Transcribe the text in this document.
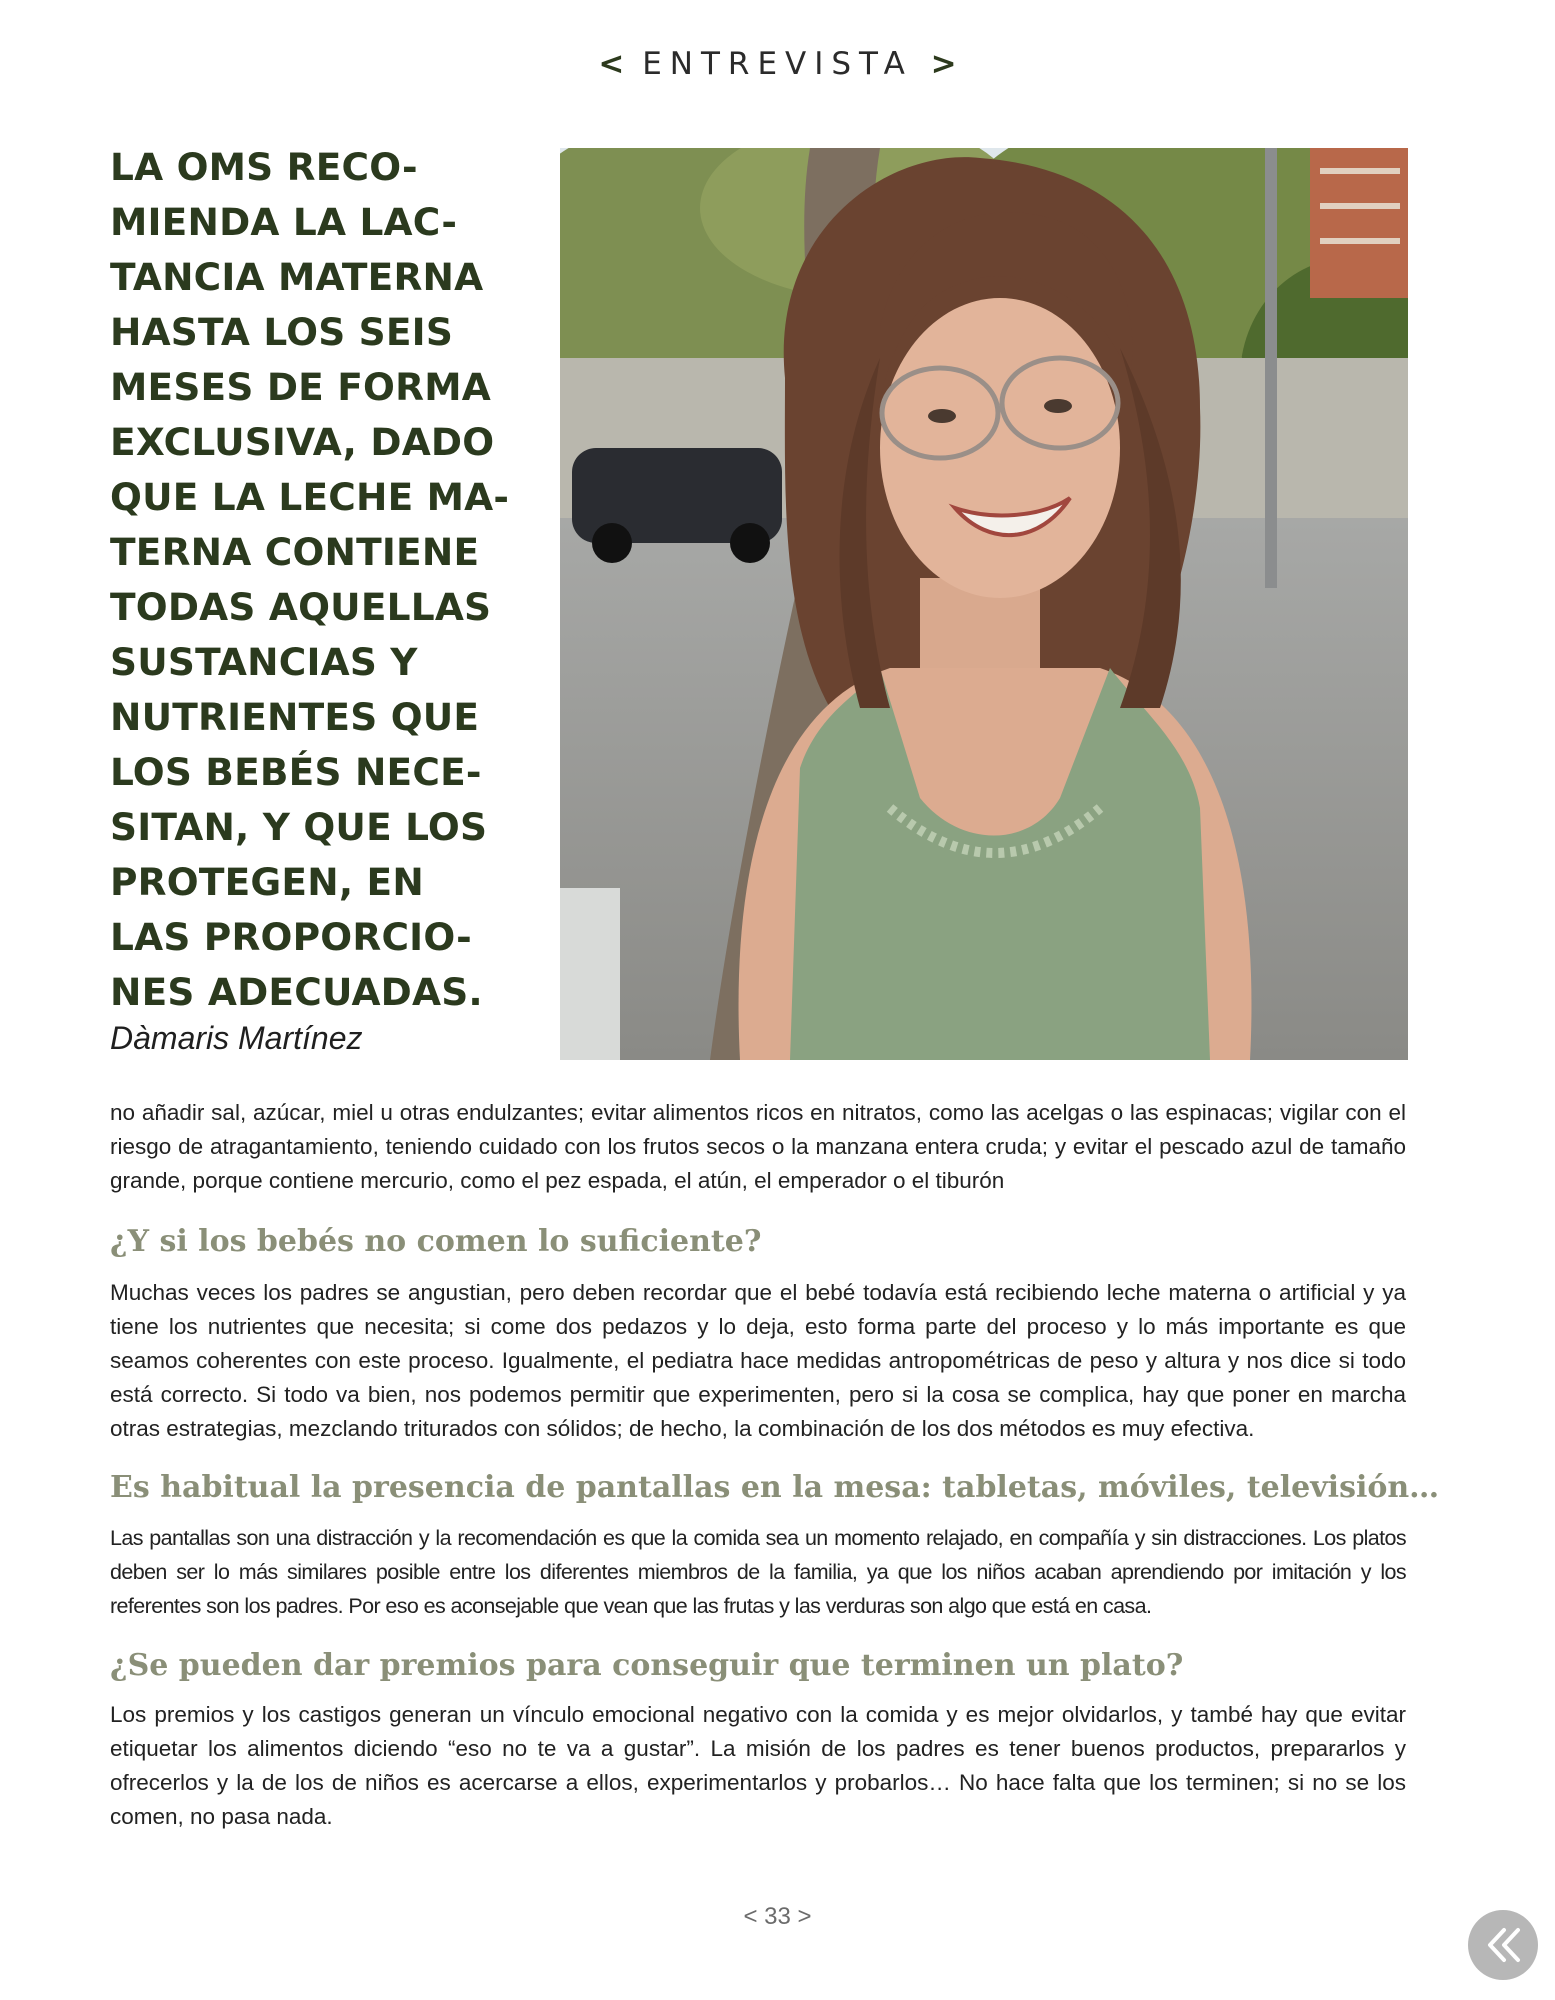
< ENTREVISTA >
LA OMS RECO-
MIENDA LA LAC-
TANCIA MATERNA
HASTA LOS SEIS
MESES DE FORMA
EXCLUSIVA, DADO
QUE LA LECHE MA-
TERNA CONTIENE
TODAS AQUELLAS
SUSTANCIAS Y
NUTRIENTES QUE
LOS BEBÉS NECE-
SITAN, Y QUE LOS
PROTEGEN, EN
LAS PROPORCIO-
NES ADECUADAS.
Dàmaris Martínez
no añadir sal, azúcar, miel u otras endulzantes; evitar alimentos ricos en nitratos, como las acelgas o las espinacas; vigilar con el riesgo de atragantamiento, teniendo cuidado con los frutos secos o la manzana entera cruda; y evitar el pescado azul de tamaño grande, porque contiene mercurio, como el pez espada, el atún, el emperador o el tiburón
¿Y si los bebés no comen lo suficiente?
Muchas veces los padres se angustian, pero deben recordar que el bebé todavía está recibiendo leche materna o artificial y ya tiene los nutrientes que necesita; si come dos pedazos y lo deja, esto forma parte del proceso y lo más importante es que seamos coherentes con este proceso. Igualmente, el pediatra hace medidas antropométricas de peso y altura y nos dice si todo está correcto. Si todo va bien, nos podemos permitir que experimenten, pero si la cosa se complica, hay que poner en marcha otras estrategias, mezclando triturados con sólidos; de hecho, la combinación de los dos métodos es muy efectiva.
Es habitual la presencia de pantallas en la mesa: tabletas, móviles, televisión…
Las pantallas son una distracción y la recomendación es que la comida sea un momento relajado, en compañía y sin distracciones. Los platos deben ser lo más similares posible entre los diferentes miembros de la familia, ya que los niños acaban aprendiendo por imitación y los referentes son los padres. Por eso es aconsejable que vean que las frutas y las verduras son algo que está en casa.
¿Se pueden dar premios para conseguir que terminen un plato?
Los premios y los castigos generan un vínculo emocional negativo con la comida y es mejor olvidarlos, y també hay que evitar etiquetar los alimentos diciendo “eso no te va a gustar”. La misión de los padres es tener buenos productos, prepararlos y ofrecerlos y la de los de niños es acercarse a ellos, experimentarlos y probarlos… No hace falta que los terminen; si no se los comen, no pasa nada.
< 33 >
